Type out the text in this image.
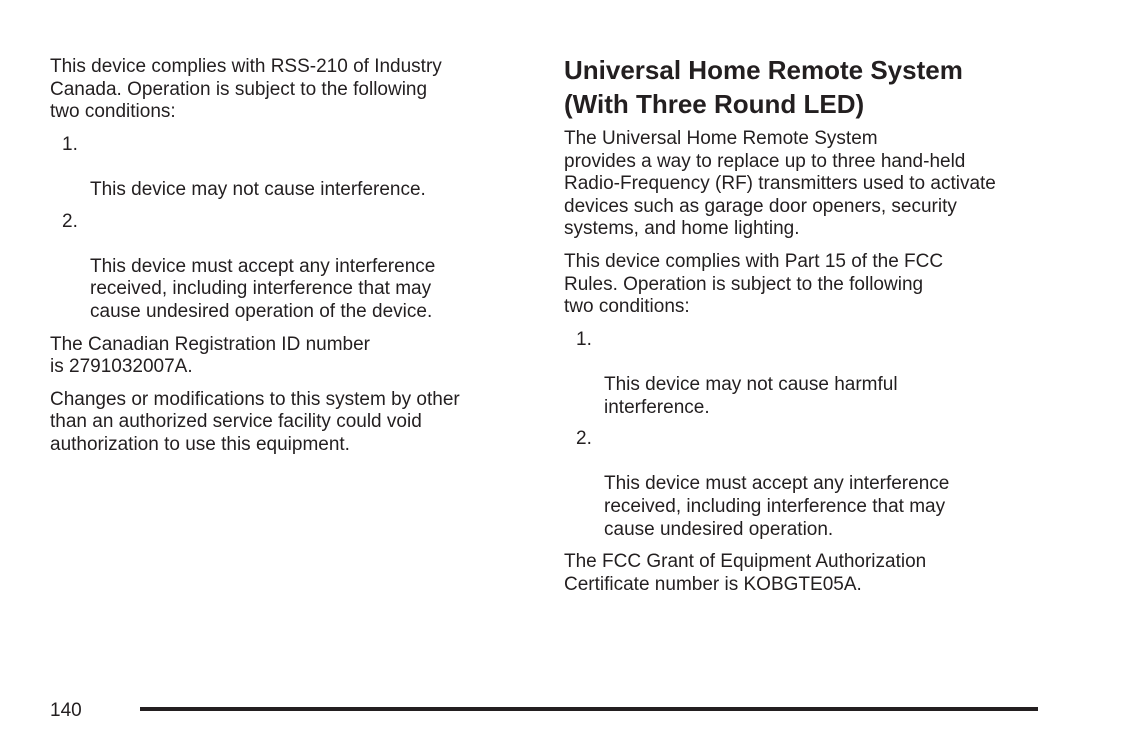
This device complies with RSS-210 of Industry
Canada. Operation is subject to the following
two conditions:

1.

This device may not cause interference.

2.

This device must accept any interference
received, including interference that may
cause undesired operation of the device.

The Canadian Registration ID number
is 2791032007A.

Changes or modifications to this system by other
than an authorized service facility could void
authorization to use this equipment.

Universal Home Remote System
(With Three Round LED)

The Universal Home Remote System
provides a way to replace up to three hand-held
Radio-Frequency (RF) transmitters used to activate
devices such as garage door openers, security
systems, and home lighting.

This device complies with Part 15 of the FCC
Rules. Operation is subject to the following
two conditions:

1.

This device may not cause harmful
interference.

2.

This device must accept any interference
received, including interference that may
cause undesired operation.

The FCC Grant of Equipment Authorization
Certificate number is KOBGTE05A.

140
